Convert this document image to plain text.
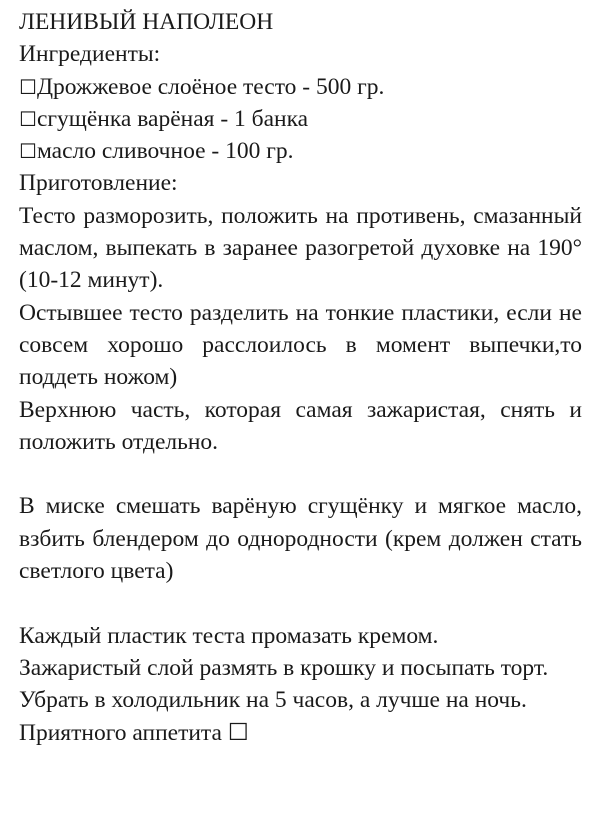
ЛЕНИВЫЙ НАПОЛЕОН
Ингредиенты:
☐Дрожжевое слоёное тесто - 500 гр.
☐сгущёнка варёная - 1 банка
☐масло сливочное - 100 гр.
Приготовление:
Тесто разморозить, положить на противень, смазанный маслом, выпекать в заранее разогретой духовке на 190° (10-12 минут).
Остывшее тесто разделить на тонкие пластики, если не совсем хорошо расслоилось в момент выпечки,то поддеть ножом)
Верхнюю часть, которая самая зажаристая, снять и положить отдельно.
В миске смешать варёную сгущёнку и мягкое масло, взбить блендером до однородности (крем должен стать светлого цвета)
Каждый пластик теста промазать кремом.
Зажаристый слой размять в крошку и посыпать торт.
Убрать в холодильник на 5 часов, а лучше на ночь.
Приятного аппетита ☐
